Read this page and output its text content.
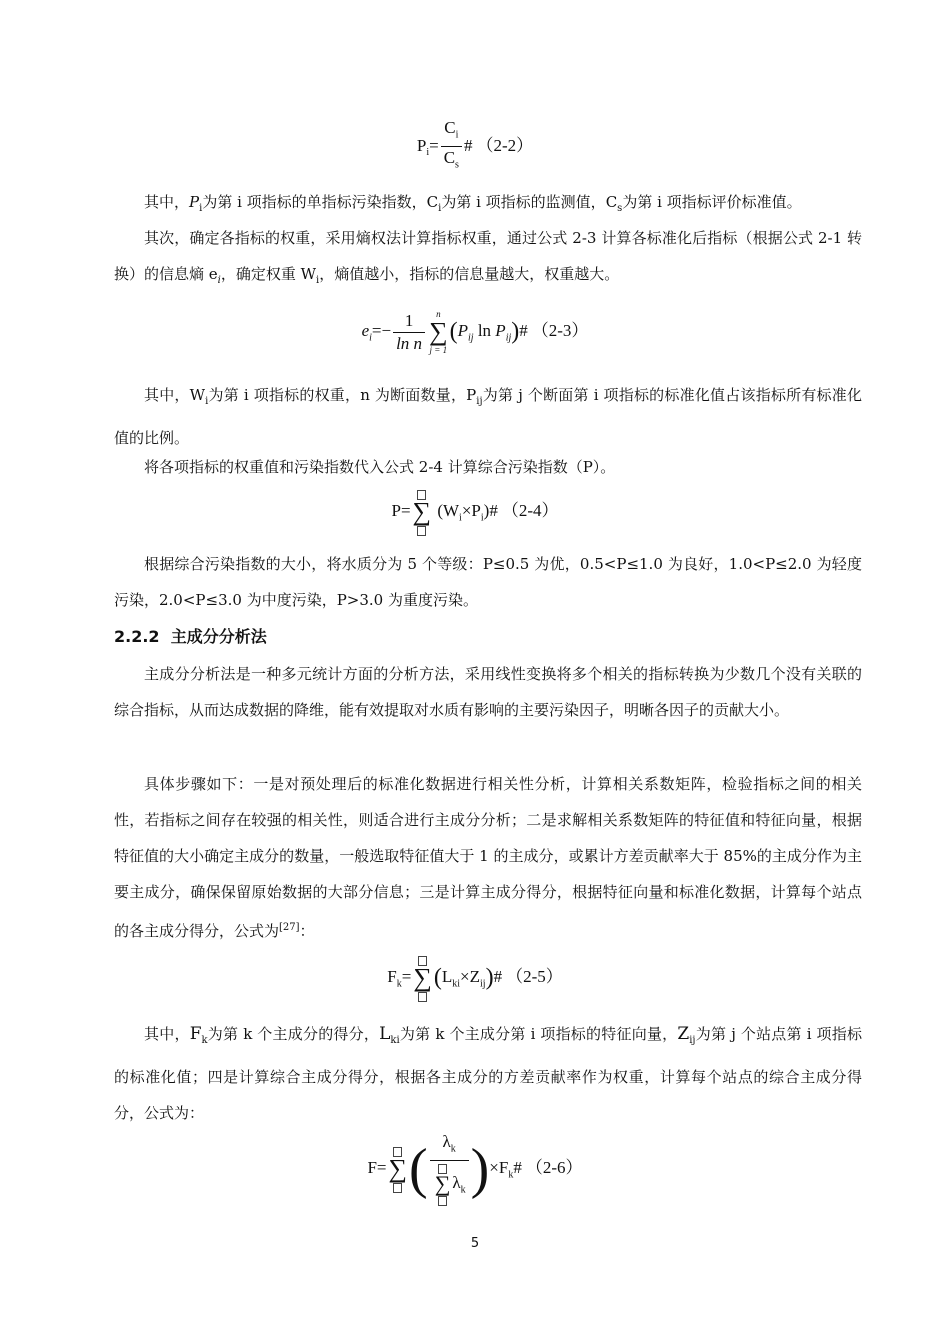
$P_i= \frac{C_i}{C_s}$ # （2-2）

其中，$P_i$为第 i 项指标的单指标污染指数，$C_i$为第 i 项指标的监测值，$C_s$为第 i 项指标评价标准值。

其次，确定各指标的权重，采用熵权法计算指标权重，通过公式 2-3 计算各标准化后指标（根据公式 2-1 转换）的信息熵 $e_i$，确定权重 $W_i$，熵值越小，指标的信息量越大，权重越大。

$e_i=- \frac{1}{\text{ln n}}$	n
∑
j = 1
($P_{ij}$ $\ln P_{ij})\#$ （2-3）

其中，$W_i$为第 i 项指标的权重，n 为断面数量，$P_{ij}$为第 j 个断面第 i 项指标的标准化值占该指标所有标准化值的比例。

将各项指标的权重值和污染指数代入公式 2-4 计算综合污染指数（P）。

P= ∑ $(W_i\times P_i)\#$ （2-4）

根据综合污染指数的大小，将水质分为 5 个等级：P≤0.5 为优，0.5<P≤1.0 为良好，1.0<P≤2.0 为轻度污染，2.0<P≤3.0 为中度污染，P>3.0 为重度污染。

2.2.2 主成分分析法

主成分分析法是一种多元统计方面的分析方法，采用线性变换将多个相关的指标转换为少数几个没有关联的综合指标，从而达成数据的降维，能有效提取对水质有影响的主要污染因子，明晰各因子的贡献大小。

具体步骤如下：一是对预处理后的标准化数据进行相关性分析，计算相关系数矩阵，检验指标之间的相关性，若指标之间存在较强的相关性，则适合进行主成分分析；二是求解相关系数矩阵的特征值和特征向量，根据特征值的大小确定主成分的数量，一般选取特征值大于 1 的主成分，或累计方差贡献率大于 85%的主成分作为主要主成分，确保保留原始数据的大部分信息；三是计算主成分得分，根据特征向量和标准化数据，计算每个站点的各主成分得分，公式为[27]：

$F_k=$ ∑ $(L_{ki}\times Z_{ij})\#$ （2-5）

其中，$F_k$为第 k 个主成分的得分，$L_{ki}$为第 k 个主成分第 i 项指标的特征向量，$Z_{ij}$为第 j 个站点第 i 项指标的标准化值；四是计算综合主成分得分，根据各主成分的方差贡献率作为权重，计算每个站点的综合主成分得分，公式为：

F= ∑ ( $\frac{\lambda_k}{\sum \lambda_k}$ )$\times F_k\#$ （2-6）
5
